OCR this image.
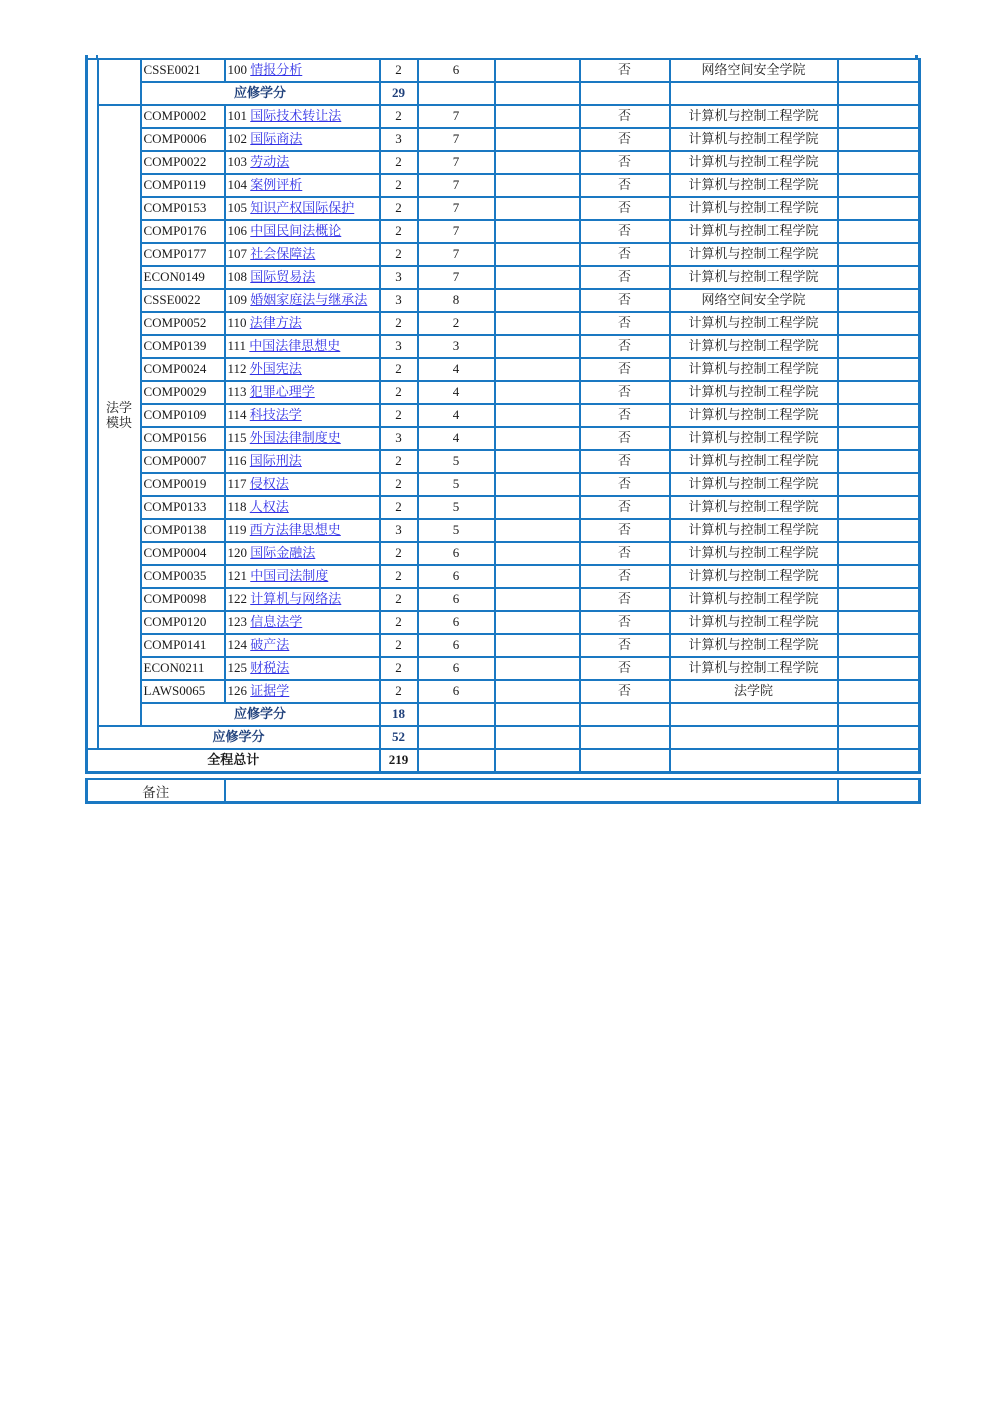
		CSSE0021	100 情报分析	2	6		否	网络空间安全学院	
		应修学分		29					
	法学模块	COMP0002	101 国际技术转让法	2	7		否	计算机与控制工程学院	
		COMP0006	102 国际商法	3	7		否	计算机与控制工程学院	
		COMP0022	103 劳动法	2	7		否	计算机与控制工程学院	
		COMP0119	104 案例评析	2	7		否	计算机与控制工程学院	
		COMP0153	105 知识产权国际保护	2	7		否	计算机与控制工程学院	
		COMP0176	106 中国民间法概论	2	7		否	计算机与控制工程学院	
		COMP0177	107 社会保障法	2	7		否	计算机与控制工程学院	
		ECON0149	108 国际贸易法	3	7		否	计算机与控制工程学院	
		CSSE0022	109 婚姻家庭法与继承法	3	8		否	网络空间安全学院	
		COMP0052	110 法律方法	2	2		否	计算机与控制工程学院	
		COMP0139	111 中国法律思想史	3	3		否	计算机与控制工程学院	
		COMP0024	112 外国宪法	2	4		否	计算机与控制工程学院	
		COMP0029	113 犯罪心理学	2	4		否	计算机与控制工程学院	
		COMP0109	114 科技法学	2	4		否	计算机与控制工程学院	
		COMP0156	115 外国法律制度史	3	4		否	计算机与控制工程学院	
		COMP0007	116 国际刑法	2	5		否	计算机与控制工程学院	
		COMP0019	117 侵权法	2	5		否	计算机与控制工程学院	
		COMP0133	118 人权法	2	5		否	计算机与控制工程学院	
		COMP0138	119 西方法律思想史	3	5		否	计算机与控制工程学院	
		COMP0004	120 国际金融法	2	6		否	计算机与控制工程学院	
		COMP0035	121 中国司法制度	2	6		否	计算机与控制工程学院	
		COMP0098	122 计算机与网络法	2	6		否	计算机与控制工程学院	
		COMP0120	123 信息法学	2	6		否	计算机与控制工程学院	
		COMP0141	124 破产法	2	6		否	计算机与控制工程学院	
		ECON0211	125 财税法	2	6		否	计算机与控制工程学院	
		LAWS0065	126 证据学	2	6		否	法学院	
		应修学分		18					
	应修学分			52					
全程总计				219					
备注		
